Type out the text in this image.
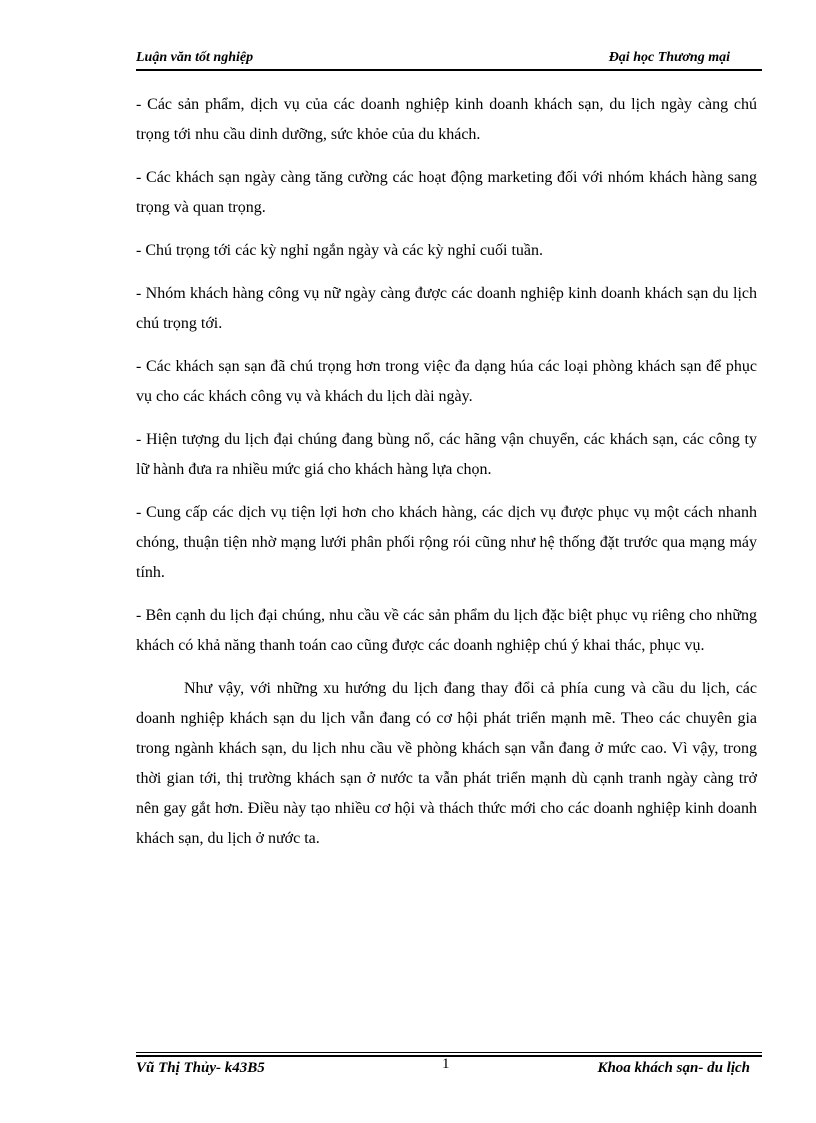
Luận văn tốt nghiệp	Đại học Thương mại

- Các sản phẩm, dịch vụ của các doanh nghiệp kinh doanh khách sạn, du lịch ngày càng chú trọng tới nhu cầu dinh dưỡng, sức khỏe của du khách.

- Các khách sạn ngày càng tăng cường các hoạt động marketing đối với nhóm khách hàng sang trọng và quan trọng.

- Chú trọng tới các kỳ nghỉ ngắn ngày và các kỳ nghỉ cuối tuần.

- Nhóm khách hàng công vụ nữ ngày càng được các doanh nghiệp kinh doanh khách sạn du lịch chú trọng tới.

- Các khách sạn sạn đã chú trọng hơn trong việc đa dạng húa các loại phòng khách sạn để phục vụ cho các khách công vụ và khách du lịch dài ngày.

- Hiện tượng du lịch đại chúng đang bùng nổ, các hãng vận chuyển, các khách sạn, các công ty lữ hành đưa ra nhiều mức giá cho khách hàng lựa chọn.

- Cung cấp các dịch vụ tiện lợi hơn cho khách hàng, các dịch vụ được phục vụ một cách nhanh chóng, thuận tiện nhờ mạng lưới phân phối rộng rói cũng như hệ thống đặt trước qua mạng máy tính.

- Bên cạnh du lịch đại chúng, nhu cầu về các sản phẩm du lịch đặc biệt phục vụ riêng cho những khách có khả năng thanh toán cao cũng được các doanh nghiệp chú ý khai thác, phục vụ.

Như vậy, với những xu hướng du lịch đang thay đổi cả phía cung và cầu du lịch, các doanh nghiệp khách sạn du lịch vẫn đang có cơ hội phát triển mạnh mẽ. Theo các chuyên gia trong ngành khách sạn, du lịch nhu cầu về phòng khách sạn vẫn đang ở mức cao. Vì vậy, trong thời gian tới, thị trường khách sạn ở nước ta vẫn phát triển mạnh dù cạnh tranh ngày càng trở nên gay gắt hơn. Điều này tạo nhiều cơ hội và thách thức mới cho các doanh nghiệp kinh doanh khách sạn, du lịch ở nước ta.

Vũ Thị Thủy- k43B5	1	Khoa khách sạn- du lịch
